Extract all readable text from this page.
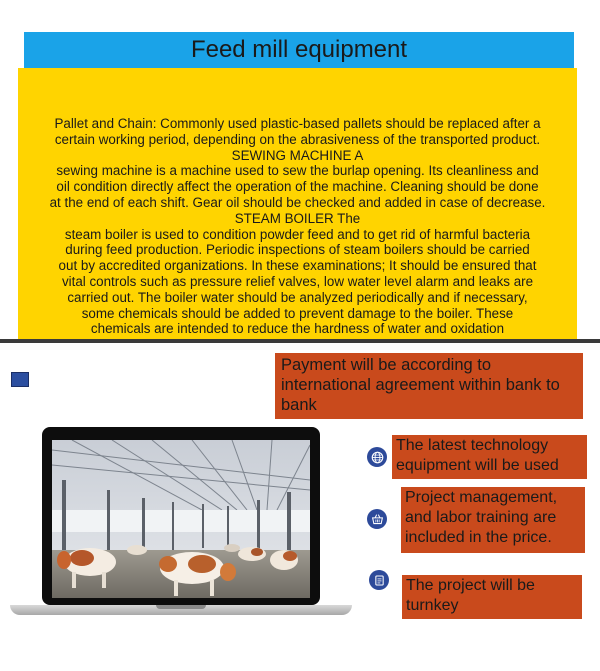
Feed mill equipment

Pallet and Chain: Commonly used plastic-based pallets should be replaced after a

certain working period, depending on the abrasiveness of the transported product.

SEWING MACHINE A

sewing machine is a machine used to sew the burlap opening. Its cleanliness and

oil condition directly affect the operation of the machine. Cleaning should be done

at the end of each shift. Gear oil should be checked and added in case of decrease.

STEAM BOILER The

steam boiler is used to condition powder feed and to get rid of harmful bacteria

during feed production. Periodic inspections of steam boilers should be carried

out by accredited organizations. In these examinations; It should be ensured that

vital controls such as pressure relief valves, low water level alarm and leaks are

carried out. The boiler water should be analyzed periodically and if necessary,

some chemicals should be added to prevent damage to the boiler. These

chemicals are intended to reduce the hardness of water and oxidation

Payment will be according to international agreement within bank to bank
The latest technology equipment will be used
Project management, and labor training are included in the price.
The project will be turnkey
